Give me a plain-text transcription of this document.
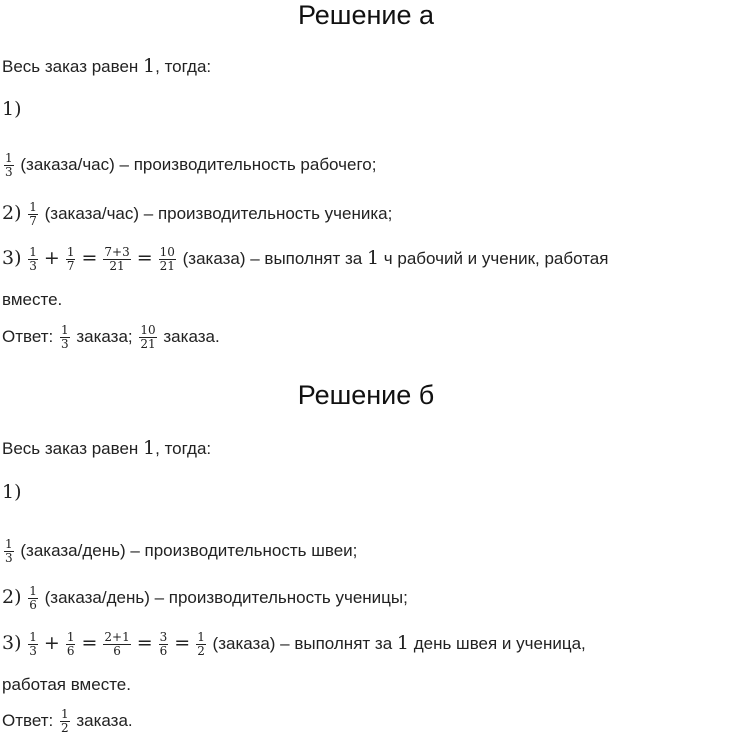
Решение а
Весь заказ равен 1, тогда:
1)
$\frac{1}{3}$ (заказа/час) – производительность рабочего;
$2) \frac{1}{7}$ (заказа/час) – производительность ученика;
$3) \frac{1}{3} + \frac{1}{7} = \frac{7+3}{21} = \frac{10}{21}$ (заказа) – выполнят за 1 ч рабочий и ученик, работая
вместе.
Ответ: $\frac{1}{3}$ заказа; $\frac{10}{21}$ заказа.
Решение б
Весь заказ равен 1, тогда:
1)
$\frac{1}{3}$ (заказа/день) – производительность швеи;
$2) \frac{1}{6}$ (заказа/день) – производительность ученицы;
$3) \frac{1}{3} + \frac{1}{6} = \frac{2+1}{6} = \frac{3}{6} = \frac{1}{2}$ (заказа) – выполнят за 1 день швея и ученица,
работая вместе.
Ответ: $\frac{1}{2}$ заказа.
